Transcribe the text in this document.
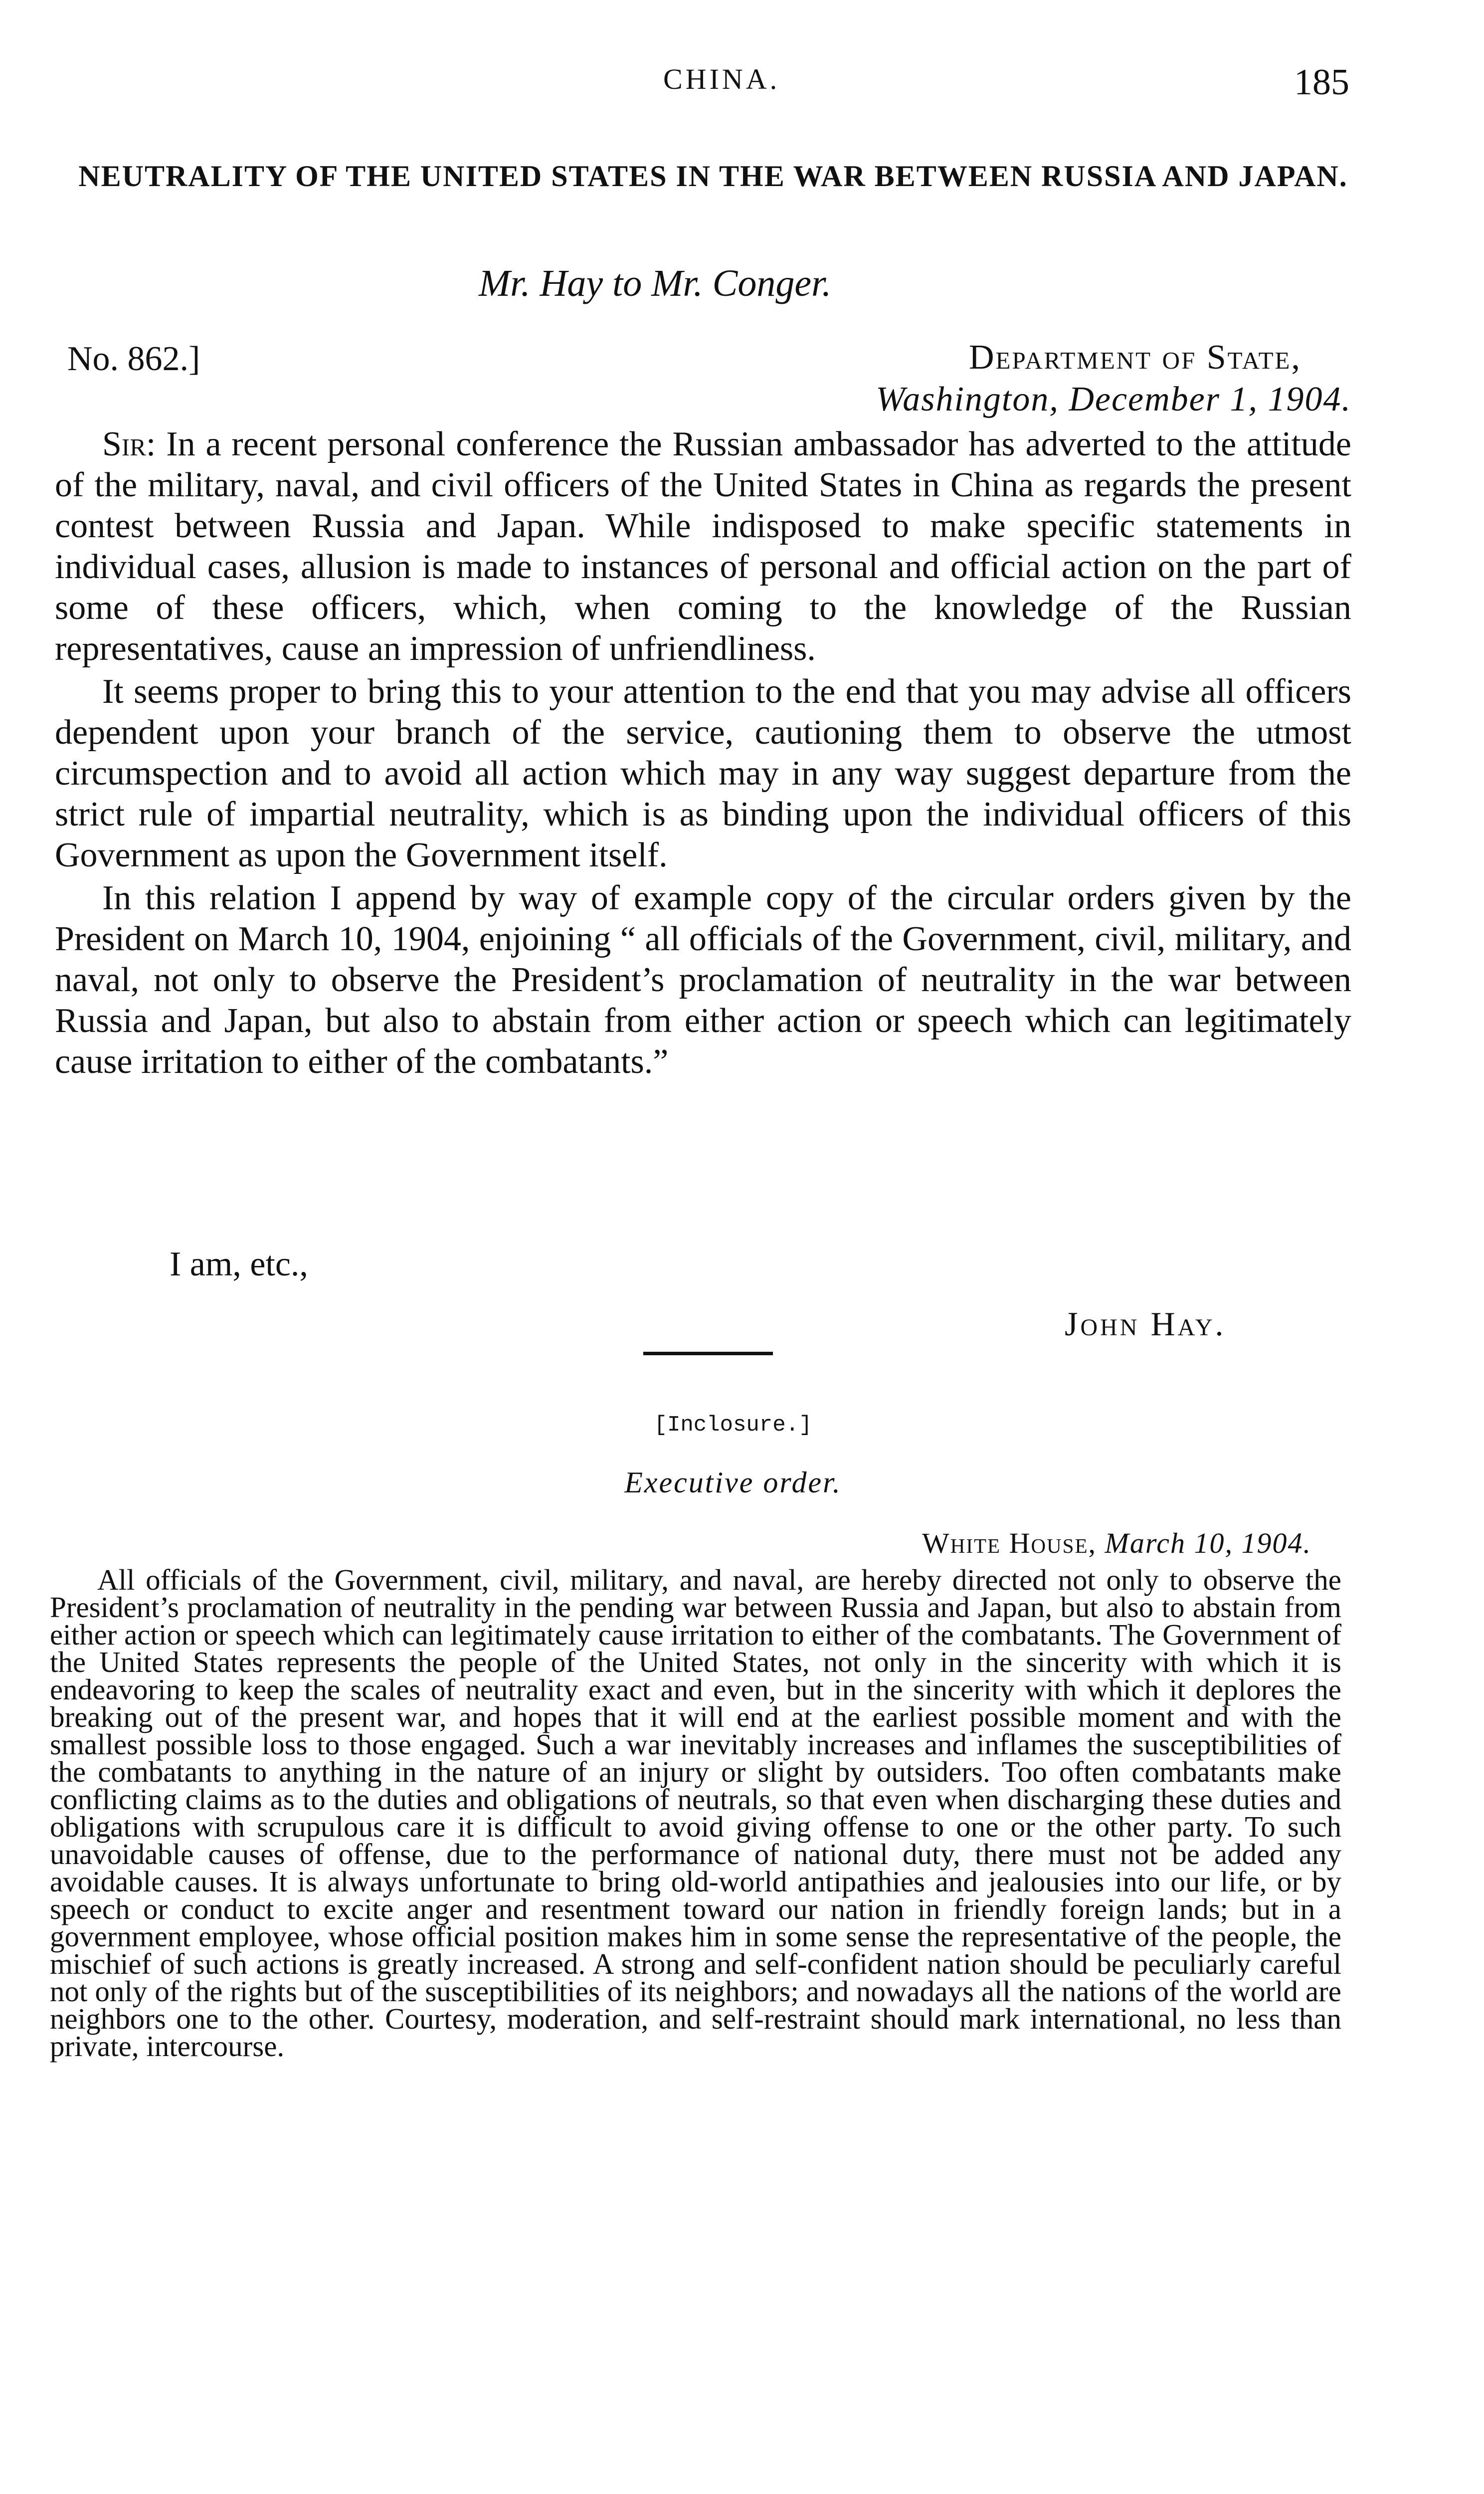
CHINA.	185
NEUTRALITY OF THE UNITED STATES IN THE WAR BETWEEN RUSSIA AND JAPAN.
Mr. Hay to Mr. Conger.
No. 862.]	Department of State,
Washington, December 1, 1904.

Sir: In a recent personal conference the Russian ambassador has adverted to the attitude of the military, naval, and civil officers of the United States in China as regards the present contest between Russia and Japan. While indisposed to make specific statements in individual cases, allusion is made to instances of personal and official action on the part of some of these officers, which, when coming to the knowledge of the Russian representatives, cause an impression of unfriendliness.

It seems proper to bring this to your attention to the end that you may advise all officers dependent upon your branch of the service, cautioning them to observe the utmost circumspection and to avoid all action which may in any way suggest departure from the strict rule of impartial neutrality, which is as binding upon the individual officers of this Government as upon the Government itself.

In this relation I append by way of example copy of the circular orders given by the President on March 10, 1904, enjoining “ all officials of the Government, civil, military, and naval, not only to observe the President’s proclamation of neutrality in the war between Russia and Japan, but also to abstain from either action or speech which can legitimately cause irritation to either of the combatants.”

I am, etc.,
John Hay.
[Inclosure.]
Executive order.
White House, March 10, 1904.

All officials of the Government, civil, military, and naval, are hereby directed not only to observe the President’s proclamation of neutrality in the pending war between Russia and Japan, but also to abstain from either action or speech which can legitimately cause irritation to either of the combatants. The Government of the United States represents the people of the United States, not only in the sincerity with which it is endeavoring to keep the scales of neutrality exact and even, but in the sincerity with which it deplores the breaking out of the present war, and hopes that it will end at the earliest possible moment and with the smallest possible loss to those engaged. Such a war inevitably increases and inflames the susceptibilities of the combatants to anything in the nature of an injury or slight by outsiders. Too often combatants make conflicting claims as to the duties and obligations of neutrals, so that even when discharging these duties and obligations with scrupulous care it is difficult to avoid giving offense to one or the other party. To such unavoidable causes of offense, due to the performance of national duty, there must not be added any avoidable causes. It is always unfortunate to bring old-world antipathies and jealousies into our life, or by speech or conduct to excite anger and resentment toward our nation in friendly foreign lands; but in a government employee, whose official position makes him in some sense the representative of the people, the mischief of such actions is greatly increased. A strong and self-confident nation should be peculiarly careful not only of the rights but of the susceptibilities of its neighbors; and nowadays all the nations of the world are neighbors one to the other. Courtesy, moderation, and self-restraint should mark international, no less than private, intercourse.
